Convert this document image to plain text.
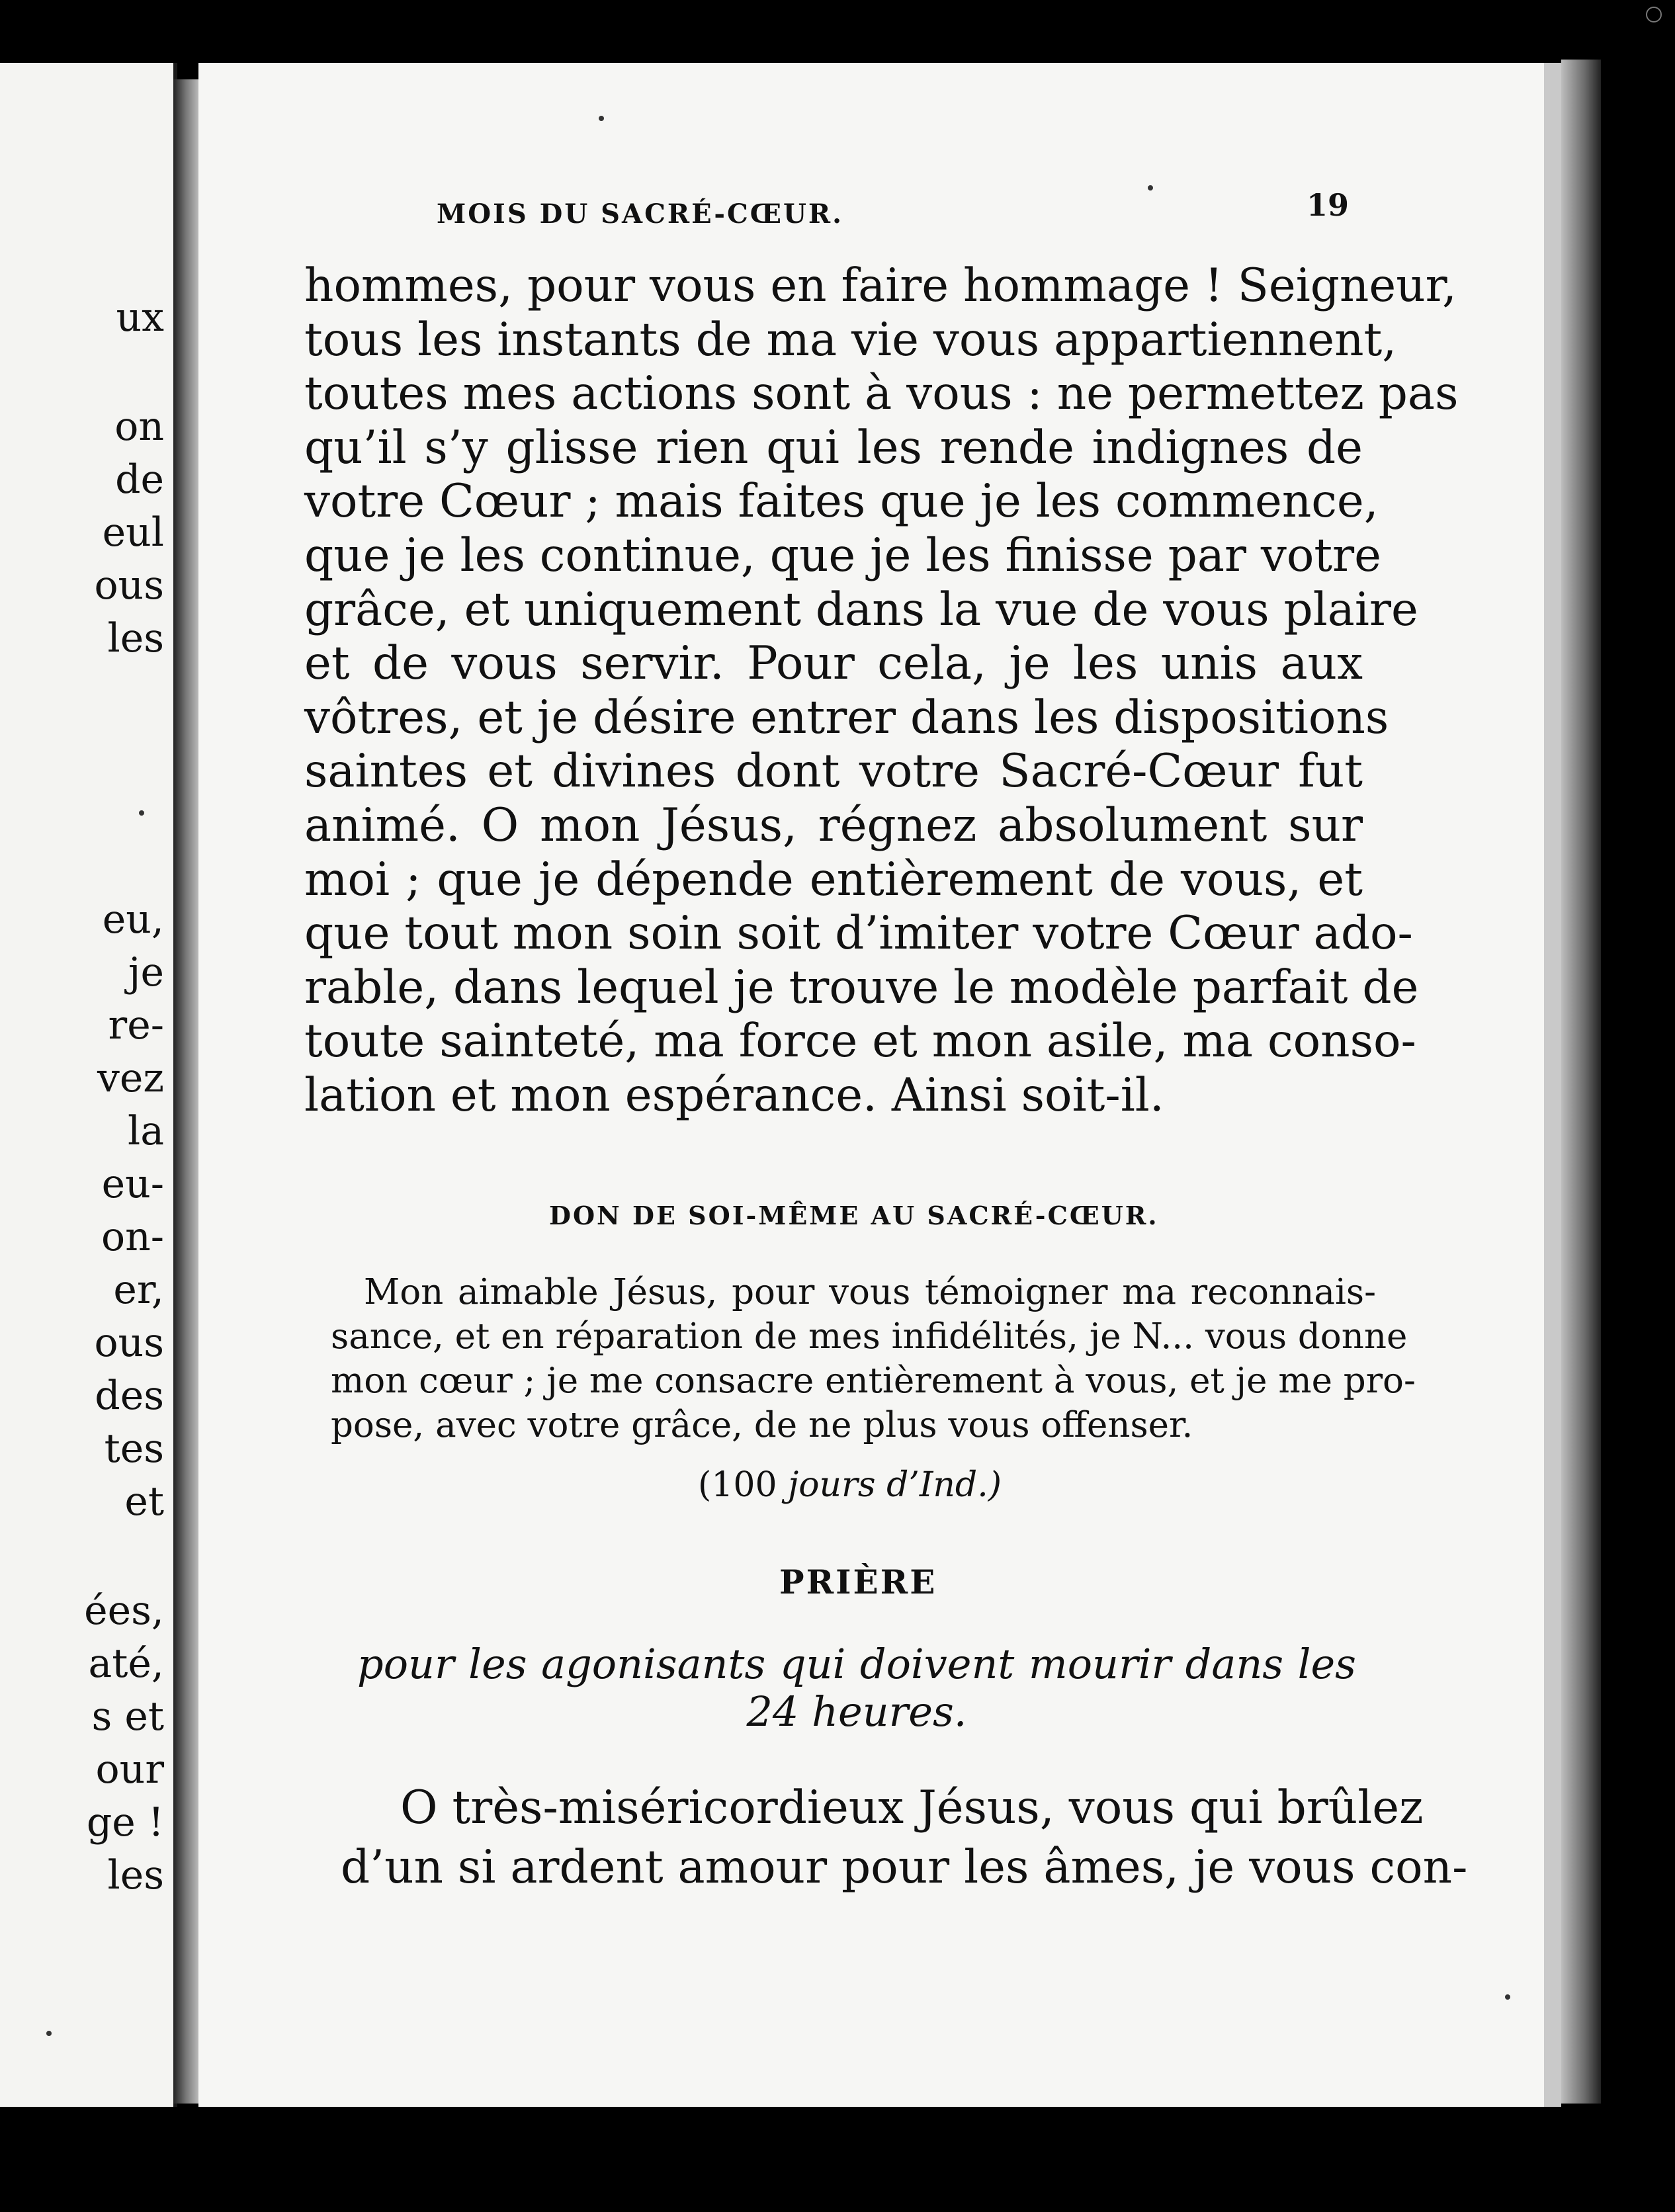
ux
on
de
eul
ous
les
eu,
je
re-
vez
la
eu-
on-
er,
ous
des
tes
et
ées,
até,
s et
our
ge !
les
MOIS DU SACRÉ-CŒUR.	19
hommes, pour vous en faire hommage ! Seigneur,
tous les instants de ma vie vous appartiennent,
toutes mes actions sont à vous : ne permettez pas
qu’il s’y glisse rien qui les rende indignes de
votre Cœur ; mais faites que je les commence,
que je les continue, que je les finisse par votre
grâce, et uniquement dans la vue de vous plaire
et de vous servir. Pour cela, je les unis aux
vôtres, et je désire entrer dans les dispositions
saintes et divines dont votre Sacré-Cœur fut
animé. O mon Jésus, régnez absolument sur
moi ; que je dépende entièrement de vous, et
que tout mon soin soit d’imiter votre Cœur ado-
rable, dans lequel je trouve le modèle parfait de
toute sainteté, ma force et mon asile, ma conso-
lation et mon espérance. Ainsi soit-il.
DON DE SOI-MÊME AU SACRÉ-CŒUR.
Mon aimable Jésus, pour vous témoigner ma reconnais-
sance, et en réparation de mes infidélités, je N... vous donne
mon cœur ; je me consacre entièrement à vous, et je me pro-
pose, avec votre grâce, de ne plus vous offenser.
(100 jours d’Ind.)
PRIÈRE
pour les agonisants qui doivent mourir dans les
24 heures.
O très-miséricordieux Jésus, vous qui brûlez
d’un si ardent amour pour les âmes, je vous con-
